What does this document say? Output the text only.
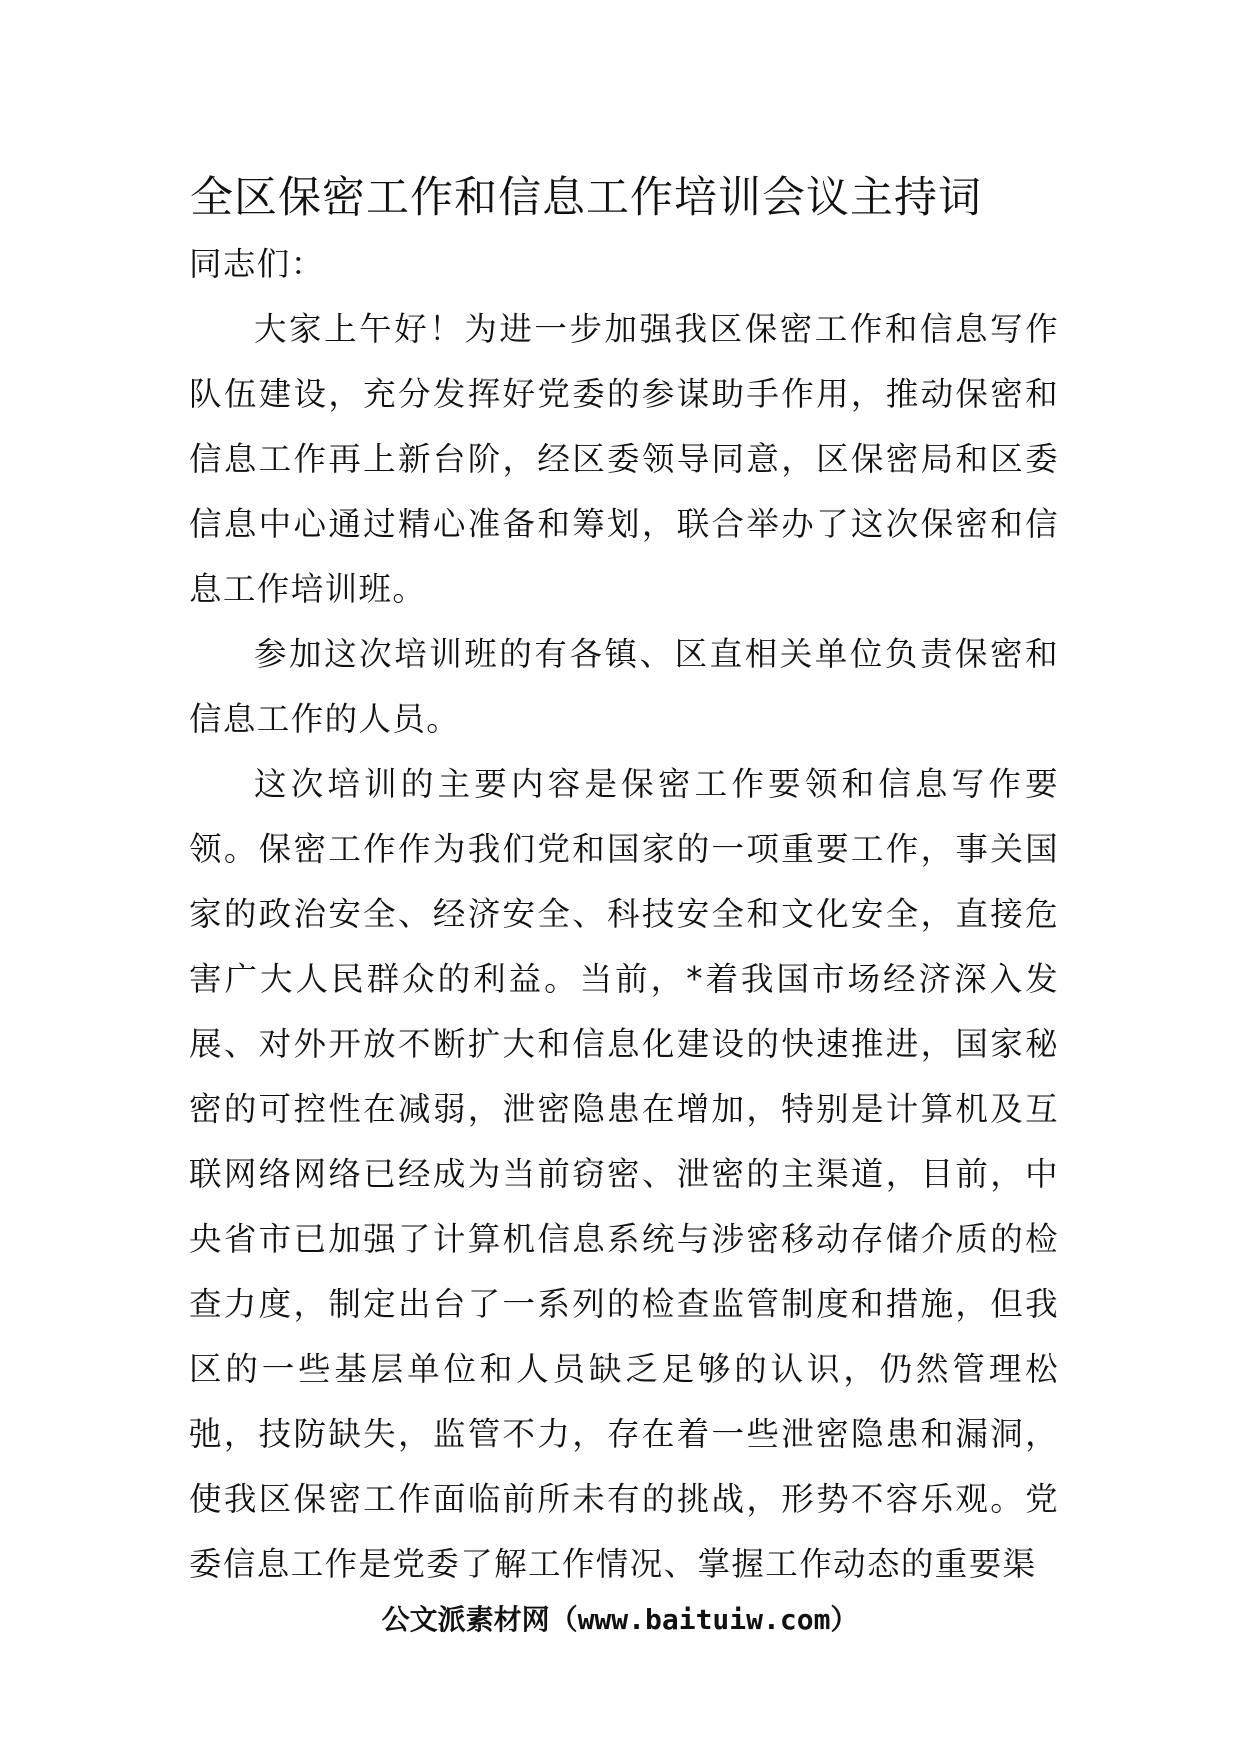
全区保密工作和信息工作培训会议主持词

同志们：

大家上午好！为进一步加强我区保密工作和信息写作队伍建设，充分发挥好党委的参谋助手作用，推动保密和信息工作再上新台阶，经区委领导同意，区保密局和区委信息中心通过精心准备和筹划，联合举办了这次保密和信息工作培训班。

参加这次培训班的有各镇、区直相关单位负责保密和信息工作的人员。

这次培训的主要内容是保密工作要领和信息写作要领。保密工作作为我们党和国家的一项重要工作，事关国家的政治安全、经济安全、科技安全和文化安全，直接危害广大人民群众的利益。当前，*着我国市场经济深入发展、对外开放不断扩大和信息化建设的快速推进，国家秘密的可控性在减弱，泄密隐患在增加，特别是计算机及互联网络网络已经成为当前窃密、泄密的主渠道，目前，中央省市已加强了计算机信息系统与涉密移动存储介质的检查力度，制定出台了一系列的检查监管制度和措施，但我区的一些基层单位和人员缺乏足够的认识，仍然管理松弛，技防缺失，监管不力，存在着一些泄密隐患和漏洞，使我区保密工作面临前所未有的挑战，形势不容乐观。党委信息工作是党委了解工作情况、掌握工作动态的重要渠

公文派素材网（www.baituiw.com）
